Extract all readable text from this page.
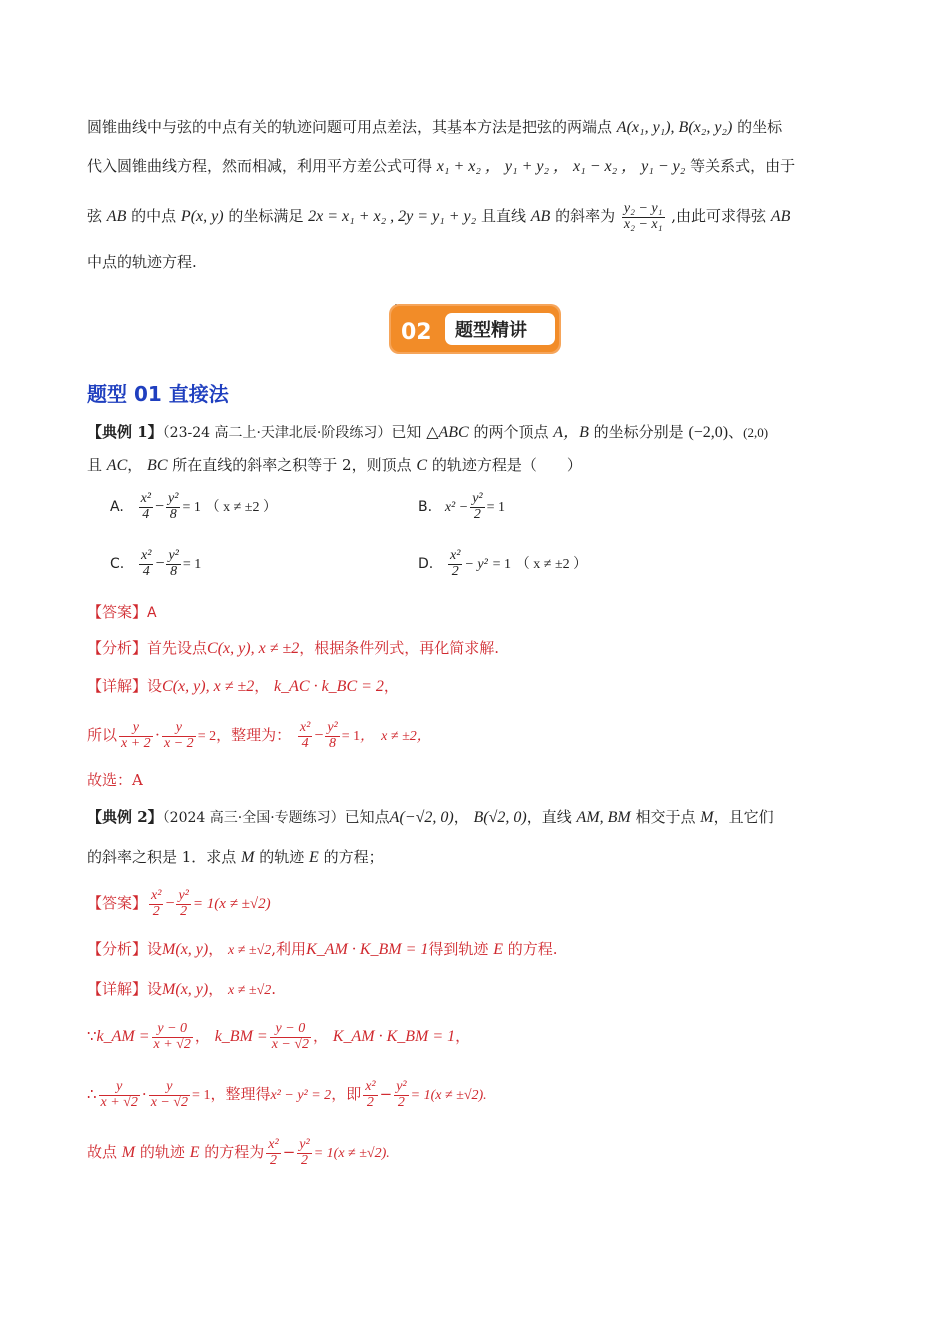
圆锥曲线中与弦的中点有关的轨迹问题可用点差法，其基本方法是把弦的两端点 A(x₁, y₁), B(x₂, y₂) 的坐标
代入圆锥曲线方程，然而相减，利用平方差公式可得 x₁ + x₂ ， y₁ + y₂ ， x₁ − x₂ ， y₁ − y₂ 等关系式，由于
弦 AB 的中点 P(x, y) 的坐标满足 2x = x₁ + x₂ , 2y = y₁ + y₂ 且直线 AB 的斜率为 $\frac{\text{y₂ − y₁}}{\text{x₂ − x₁}}$ ,由此可求得弦 AB
中点的轨迹方程.
02 题型精讲
题型 01 直接法
【典例 1】（23-24 高二上·天津北辰·阶段练习）已知 △ABC 的两个顶点 A，B 的坐标分别是 (−2,0)、(2,0)
且 AC， BC 所在直线的斜率之积等于 2，则顶点 C 的轨迹方程是（　　）
A. $\frac{\text{x²}}{4} - \frac{\text{y²}}{8} = 1$ （ x ≠ ±2 ）	B. $x^2 - \frac{\text{y²}}{2} = 1$
C. $\frac{\text{x²}}{4} - \frac{\text{y²}}{8} = 1$	D. $\frac{\text{x²}}{2} - y^2 = 1$ （ x ≠ ±2 ）
【答案】A
【分析】首先设点C(x, y), x ≠ ±2，根据条件列式，再化简求解.
【详解】设C(x, y), x ≠ ±2， k_AC · k_BC = 2，
所以 $\frac{y}{x + 2} \cdot \frac{y}{x - 2} = 2$，整理为： $\frac{\text{x²}}{4} - \frac{\text{y²}}{8} = 1$，　x ≠ ±2，
故选：A
【典例 2】（2024 高三·全国·专题练习）已知点A(−√2, 0)， B(√2, 0)，直线 AM, BM 相交于点 M，且它们
的斜率之积是 1．求点 M 的轨迹 E 的方程；
【答案】 $\frac{\text{x²}}{2} - \frac{\text{y²}}{2} = 1(x \ne \pm√2)$
【分析】设M(x, y)， x ≠ ±√2,利用K_AM · K_BM = 1得到轨迹 E 的方程.
【详解】设M(x, y)， x ≠ ±√2.
∵k_AM = $\frac{y - 0}{x + √2}$ ， k_BM = $\frac{y - 0}{x - √2}$ ， K_AM · K_BM = 1，
∴ $\frac{y}{x + √2} \cdot \frac{y}{x - √2} = 1$，整理得x² − y² = 2，即 $\frac{\text{x²}}{2} - \frac{\text{y²}}{2} = 1(x \ne \pm√2)$.
故点 M 的轨迹 E 的方程为 $\frac{\text{x²}}{2} - \frac{\text{y²}}{2} = 1(x \ne \pm√2)$.
